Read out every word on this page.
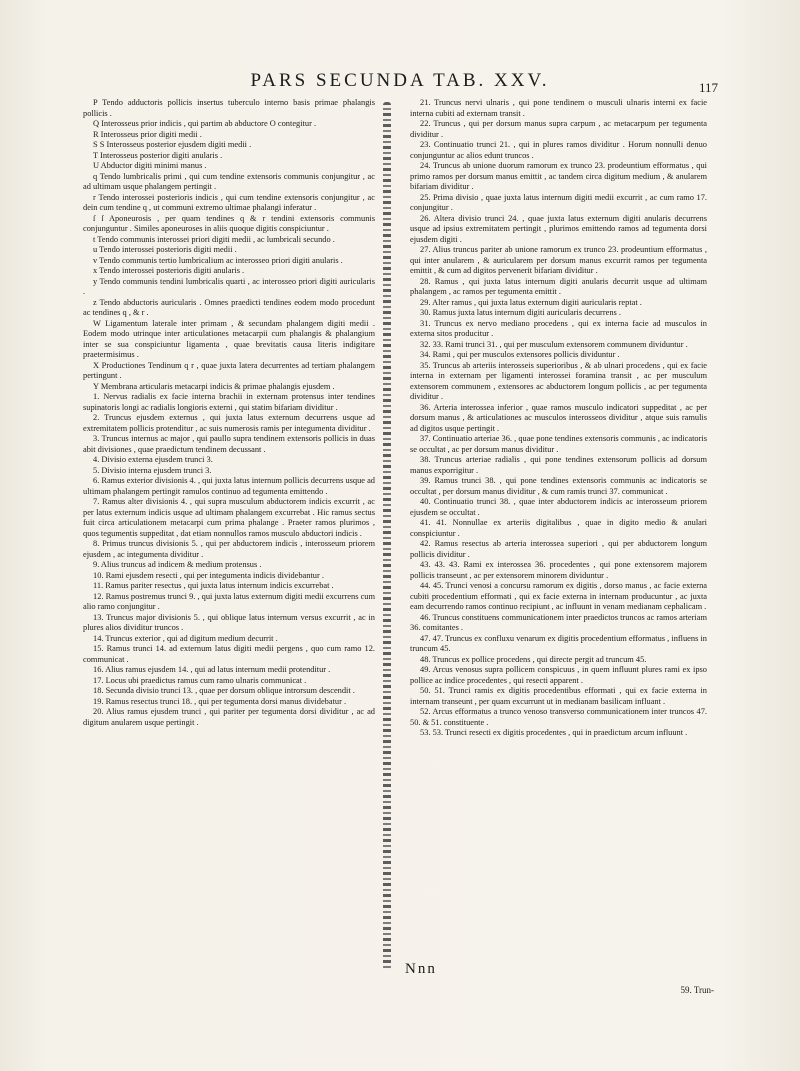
PARS SECUNDA TAB. XXV.	117

P Tendo adductoris pollicis insertus tuberculo interno basis primae phalangis pollicis .

Q Interosseus prior indicis , qui partim ab abductore O contegitur .

R Interosseus prior digiti medii .

S S Interosseus posterior ejusdem digiti medii .

T Interosseus posterior digiti anularis .

U Abductor digiti minimi manus .

q Tendo lumbricalis primi , qui cum tendine extensoris communis conjungitur , ac ad ultimam usque phalangem pertingit .

r Tendo interossei posterioris indicis , qui cum tendine extensoris conjungitur , ac dein cum tendine q , ut communi extremo ultimae phalangi inferatur .

ſ ſ Aponeurosis , per quam tendines q & r tendini extensoris communis conjunguntur . Similes aponeuroses in aliis quoque digitis conspiciuntur .

t Tendo communis interossei priori digiti medii , ac lumbricali secundo .

u Tendo interossei posterioris digiti medii .

v Tendo communis tertio lumbricalium ac interosseo priori digiti anularis .

x Tendo interossei posterioris digiti anularis .

y Tendo communis tendini lumbricalis quarti , ac interosseo priori digiti auricularis .

z Tendo abductoris auricularis . Omnes praedicti tendines eodem modo procedunt ac tendines q , & r .

W Ligamentum laterale inter primam , & secundam phalangem digiti medii . Eodem modo utrinque inter articulationes metacarpii cum phalangis & phalangium inter se sua conspiciuntur ligamenta , quae brevitatis causa literis indigitare praetermisimus .

X Productiones Tendinum q r , quae juxta latera decurrentes ad tertiam phalangem pertingunt .

Y Membrana articularis metacarpi indicis & primae phalangis ejusdem .

1. Nervus radialis ex facie interna brachii in externam protensus inter tendines supinatoris longi ac radialis longioris externi , qui statim bifariam dividitur .

2. Truncus ejusdem externus , qui juxta latus externum decurrens usque ad extremitatem pollicis protenditur , ac suis numerosis ramis per integumenta dividitur .

3. Truncus internus ac major , qui paullo supra tendinem extensoris pollicis in duas abit divisiones , quae praedictum tendinem decussant .

4. Divisio externa ejusdem trunci 3.

5. Divisio interna ejusdem trunci 3.

6. Ramus exterior divisionis 4. , qui juxta latus internum pollicis decurrens usque ad ultimam phalangem pertingit ramulos continuo ad tegumenta emittendo .

7. Ramus alter divisionis 4. , qui supra musculum abductorem indicis excurrit , ac per latus externum indicis usque ad ultimam phalangem excurrebat . Hic ramus sectus fuit circa articulationem metacarpi cum prima phalange . Praeter ramos plurimos , quos tegumentis suppeditat , dat etiam nonnullos ramos musculo abductori indicis .

8. Primus truncus divisionis 5. , qui per abductorem indicis , interosseum priorem ejusdem , ac integumenta dividitur .

9. Alius truncus ad indicem & medium protensus .

10. Rami ejusdem resecti , qui per integumenta indicis dividebantur .

11. Ramus pariter resectus , qui juxta latus internum indicis excurrebat .

12. Ramus postremus trunci 9. , qui juxta latus externum digiti medii excurrens cum alio ramo conjungitur .

13. Truncus major divisionis 5. , qui oblique latus internum versus excurrit , ac in plures alios dividitur truncos .

14. Truncus exterior , qui ad digitum medium decurrit .

15. Ramus trunci 14. ad externum latus digiti medii pergens , quo cum ramo 12. communicat .

16. Alius ramus ejusdem 14. , qui ad latus internum medii protenditur .

17. Locus ubi praedictus ramus cum ramo ulnaris communicat .

18. Secunda divisio trunci 13. , quae per dorsum oblique introrsum descendit .

19. Ramus resectus trunci 18. , qui per tegumenta dorsi manus dividebatur .

20. Alius ramus ejusdem trunci , qui pariter per tegumenta dorsi dividitur , ac ad digitum anularem usque pertingit .

21. Truncus nervi ulnaris , qui pone tendinem o musculi ulnaris interni ex facie interna cubiti ad externam transit .

22. Truncus , qui per dorsum manus supra carpum , ac metacarpum per tegumenta dividitur .

23. Continuatio trunci 21. , qui in plures ramos dividitur . Horum nonnulli denuo conjunguntur ac alios edunt truncos .

24. Truncus ab unione duorum ramorum ex trunco 23. prodeuntium efformatus , qui primo ramos per dorsum manus emittit , ac tandem circa digitum medium , & anularem bifariam dividitur .

25. Prima divisio , quae juxta latus internum digiti medii excurrit , ac cum ramo 17. conjungitur .

26. Altera divisio trunci 24. , quae juxta latus externum digiti anularis decurrens usque ad ipsius extremitatem pertingit , plurimos emittendo ramos ad tegumenta dorsi ejusdem digiti .

27. Alius truncus pariter ab unione ramorum ex trunco 23. prodeuntium efformatus , qui inter anularem , & auricularem per dorsum manus excurrit ramos per tegumenta emittit , & cum ad digitos pervenerit bifariam dividitur .

28. Ramus , qui juxta latus internum digiti anularis decurrit usque ad ultimam phalangem , ac ramos per tegumenta emittit .

29. Alter ramus , qui juxta latus externum digiti auricularis reptat .

30. Ramus juxta latus internum digiti auricularis decurrens .

31. Truncus ex nervo mediano procedens , qui ex interna facie ad musculos in externa sitos producitur .

32. 33. Rami trunci 31. , qui per musculum extensorem communem dividuntur .

34. Rami , qui per musculos extensores pollicis dividuntur .

35. Truncus ab arteriis interosseis superioribus , & ab ulnari procedens , qui ex facie interna in externam per ligamenti interossei foramina transit , ac per musculum extensorem communem , extensores ac abductorem longum pollicis , ac per tegumenta dividitur .

36. Arteria interossea inferior , quae ramos musculo indicatori suppeditat , ac per dorsum manus , & articulationes ac musculos interosseos dividitur , atque suis ramulis ad digitos usque pertingit .

37. Continuatio arteriae 36. , quae pone tendines extensoris communis , ac indicatoris se occultat , ac per dorsum manus dividitur .

38. Truncus arteriae radialis , qui pone tendines extensorum pollicis ad dorsum manus exporrigitur .

39. Ramus trunci 38. , qui pone tendines extensoris communis ac indicatoris se occultat , per dorsum manus dividitur , & cum ramis trunci 37. communicat .

40. Continuatio trunci 38. , quae inter abductorem indicis ac interosseum priorem ejusdem se occultat .

41. 41. Nonnullae ex arteriis digitalibus , quae in digito medio & anulari conspiciuntur .

42. Ramus resectus ab arteria interossea superiori , qui per abductorem longum pollicis dividitur .

43. 43. 43. Rami ex interossea 36. procedentes , qui pone extensorem majorem pollicis transeunt , ac per extensorem minorem dividuntur .

44. 45. Trunci venosi a concursu ramorum ex digitis , dorso manus , ac facie externa cubiti procedentium efformati , qui ex facie externa in internam producuntur , ac juxta eam decurrendo ramos continuo recipiunt , ac influunt in venam medianam cephalicam .

46. Truncus constituens communicationem inter praedictos truncos ac ramos arteriam 36. comitantes .

47. 47. Truncus ex confluxu venarum ex digitis procedentium efformatus , influens in truncum 45.

48. Truncus ex pollice procedens , qui directe pergit ad truncum 45.

49. Arcus venosus supra pollicem conspicuus , in quem influunt plures rami ex ipso pollice ac indice procedentes , qui resecti apparent .

50. 51. Trunci ramis ex digitis procedentibus efformati , qui ex facie externa in internam transeunt , per quam excurrunt ut in medianam basilicam influant .

52. Arcus efformatus a trunco venoso transverso communicationem inter truncos 47. 50. & 51. constituente .

53. 53. Trunci resecti ex digitis procedentes , qui in praedictum arcum influunt .

Nnn
59. Trun-
